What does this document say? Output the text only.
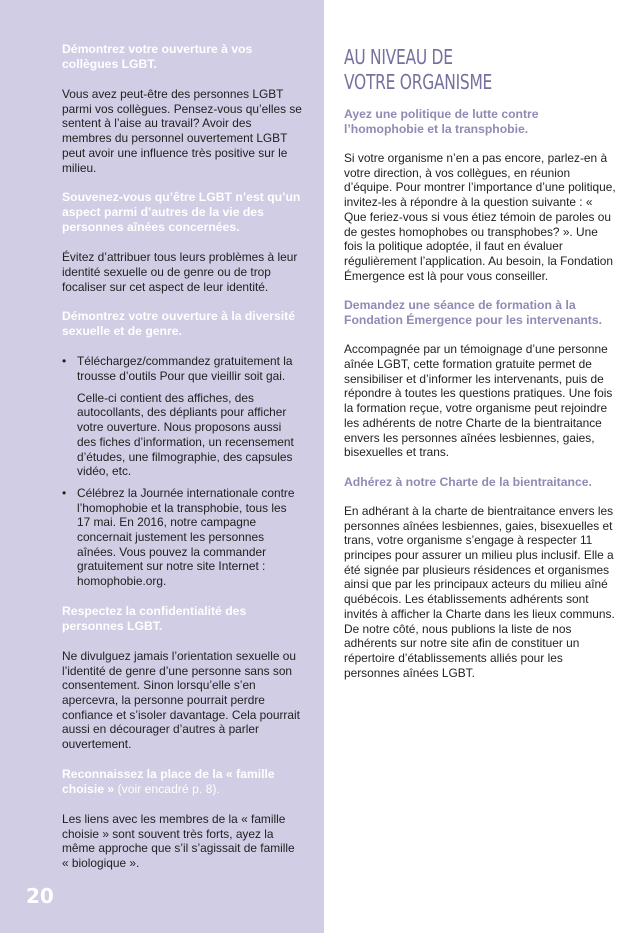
Démontrez votre ouverture à vos collègues LGBT.

Vous avez peut-être des personnes LGBT parmi vos collègues. Pensez-vous qu’elles se sentent à l’aise au travail? Avoir des membres du personnel ouvertement LGBT peut avoir une influence très positive sur le milieu.

Souvenez-vous qu’être LGBT n’est qu’un aspect parmi d’autres de la vie des personnes aînées concernées.

Évitez d’attribuer tous leurs problèmes à leur identité sexuelle ou de genre ou de trop focaliser sur cet aspect de leur identité.

Démontrez votre ouverture à la diversité sexuelle et de genre.

• Téléchargez/commandez gratuitement la trousse d’outils Pour que vieillir soit gai.
Celle-ci contient des affiches, des autocollants, des dépliants pour afficher votre ouverture. Nous proposons aussi des fiches d’information, un recensement d’études, une filmographie, des capsules vidéo, etc.
• Célébrez la Journée internationale contre l’homophobie et la transphobie, tous les 17 mai. En 2016, notre campagne concernait justement les personnes aînées. Vous pouvez la commander gratuitement sur notre site Internet : homophobie.org.

Respectez la confidentialité des personnes LGBT.

Ne divulguez jamais l’orientation sexuelle ou l’identité de genre d’une personne sans son consentement. Sinon lorsqu’elle s’en apercevra, la personne pourrait perdre confiance et s’isoler davantage. Cela pourrait aussi en décourager d’autres à parler ouvertement.

Reconnaissez la place de la « famille choisie » (voir encadré p. 8).

Les liens avec les membres de la « famille choisie » sont souvent très forts, ayez la même approche que s’il s’agissait de famille « biologique ».

20
AU NIVEAU DE
VOTRE ORGANISME

Ayez une politique de lutte contre l’homophobie et la transphobie.

Si votre organisme n’en a pas encore, parlez-en à votre direction, à vos collègues, en réunion d’équipe. Pour montrer l’importance d’une politique, invitez-les à répondre à la question suivante : « Que feriez-vous si vous étiez témoin de paroles ou de gestes homophobes ou transphobes? ». Une fois la politique adoptée, il faut en évaluer régulièrement l’application. Au besoin, la Fondation Émergence est là pour vous conseiller.

Demandez une séance de formation à la Fondation Émergence pour les intervenants.

Accompagnée par un témoignage d’une personne aînée LGBT, cette formation gratuite permet de sensibiliser et d’informer les intervenants, puis de répondre à toutes les questions pratiques. Une fois la formation reçue, votre organisme peut rejoindre les adhérents de notre Charte de la bientraitance envers les personnes aînées lesbiennes, gaies, bisexuelles et trans.

Adhérez à notre Charte de la bientraitance.

En adhérant à la charte de bientraitance envers les personnes aînées lesbiennes, gaies, bisexuelles et trans, votre organisme s’engage à respecter 11 principes pour assurer un milieu plus inclusif. Elle a été signée par plusieurs résidences et organismes ainsi que par les principaux acteurs du milieu aîné québécois. Les établissements adhérents sont invités à afficher la Charte dans les lieux communs. De notre côté, nous publions la liste de nos adhérents sur notre site afin de constituer un répertoire d’établissements alliés pour les personnes aînées LGBT.
